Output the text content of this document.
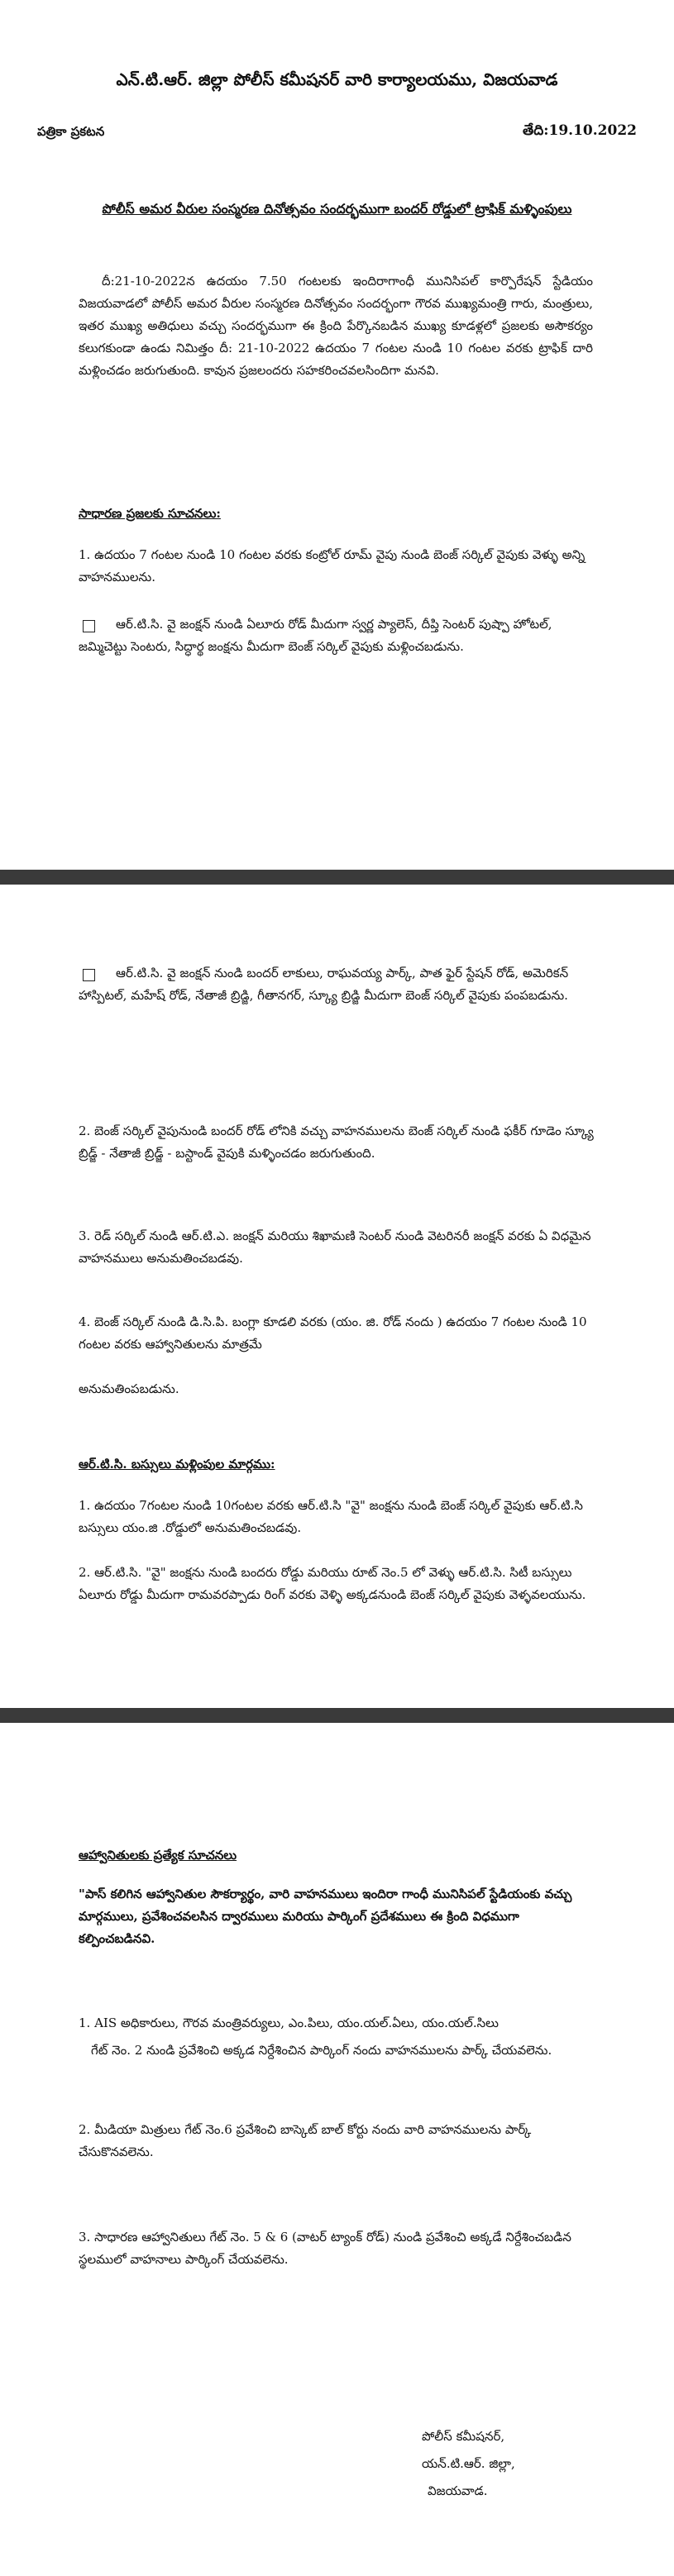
ఎన్.టి.ఆర్. జిల్లా పోలీస్ కమీషనర్ వారి కార్యాలయము, విజయవాడ
పత్రికా ప్రకటన	తేది:19.10.2022
పోలీస్ అమర వీరుల సంస్మరణ దినోత్సవం సందర్భముగా బందర్ రోడ్డులో ట్రాఫిక్ మళ్ళింపులు
దీ:21-10-2022న ఉదయం 7.50 గంటలకు ఇందిరాగాంధీ మునిసిపల్ కార్పొరేషన్ స్టేడియం విజయవాడలో పోలీస్ అమర వీరుల సంస్మరణ దినోత్సవం సందర్భంగా గౌరవ ముఖ్యమంత్రి గారు, మంత్రులు, ఇతర ముఖ్య అతిధులు వచ్చు సందర్భముగా ఈ క్రింది పేర్కొనబడిన ముఖ్య కూడళ్లలో ప్రజలకు అసౌకర్యం కలుగకుండా ఉండు నిమిత్తం దీ: 21-10-2022 ఉదయం 7 గంటల నుండి 10 గంటల వరకు ట్రాఫిక్ దారి మళ్లించడం జరుగుతుంది. కావున ప్రజలందరు సహకరించవలసిందిగా మనవి.
సాధారణ ప్రజలకు సూచనలు:
1. ఉదయం 7 గంటల నుండి 10 గంటల వరకు కంట్రోల్ రూమ్ వైపు నుండి బెంజ్ సర్కిల్ వైపుకు వెళ్ళు అన్ని వాహనములను.
ఆర్.టి.సి. వై జంక్షన్ నుండి ఏలూరు రోడ్ మీదుగా స్వర్ణ ప్యాలెస్, దీప్తి సెంటర్ పుష్పా హోటల్, జమ్మిచెట్టు సెంటరు, సిద్ధార్థ జంక్షను మీదుగా బెంజ్ సర్కిల్ వైపుకు మళ్లించబడును.
ఆర్.టి.సి. వై జంక్షన్ నుండి బందర్ లాకులు, రాఘవయ్య పార్క్, పాత ఫైర్ స్టేషన్ రోడ్, అమెరికన్ హాస్పిటల్, మహేష్ రోడ్, నేతాజీ బ్రిడ్జి, గీతానగర్, స్క్యూ బ్రిడ్జి మీదుగా బెంజ్ సర్కిల్ వైపుకు పంపబడును.
2. బెంజ్ సర్కిల్ వైపునుండి బందర్ రోడ్ లోనికి వచ్చు వాహనములను బెంజ్ సర్కిల్ నుండి ఫకీర్ గూడెం స్క్యూ బ్రిడ్జ్ - నేతాజీ బ్రిడ్జ్ - బస్టాండ్ వైపుకి మళ్ళించడం జరుగుతుంది.
3. రెడ్ సర్కిల్ నుండి ఆర్.టి.ఎ. జంక్షన్ మరియు శిఖామణి సెంటర్ నుండి వెటరినరీ జంక్షన్ వరకు ఏ విధమైన వాహనములు అనుమతించబడవు.
4. బెంజ్ సర్కిల్ నుండి డి.సి.పి. బంగ్లా కూడలి వరకు (యం. జి. రోడ్ నందు ) ఉదయం 7 గంటల నుండి 10 గంటల వరకు ఆహ్వానితులను మాత్రమే
అనుమతింపబడును.
ఆర్.టి.సి. బస్సులు మళ్లింపుల మార్గము:
1. ఉదయం 7గంటల నుండి 10గంటల వరకు ఆర్.టి.సి "వై" జంక్షను నుండి బెంజ్ సర్కిల్ వైపుకు ఆర్.టి.సి బస్సులు యం.జి .రోడ్డులో అనుమతించబడవు.
2. ఆర్.టి.సి. "వై" జంక్షను నుండి బందరు రోడ్డు మరియు రూట్ నెం.5 లో వెళ్ళు ఆర్.టి.సి. సిటీ బస్సులు ఏలూరు రోడ్డు మీదుగా రామవరప్పాడు రింగ్ వరకు వెళ్ళి అక్కడనుండి బెంజ్ సర్కిల్ వైపుకు వెళ్ళవలయును.
ఆహ్వానితులకు ప్రత్యేక సూచనలు
"పాస్ కలిగిన ఆహ్వానితుల సౌకర్యార్థం, వారి వాహనములు ఇందిరా గాంధీ మునిసిపల్ స్టేడియంకు వచ్చు మార్గములు, ప్రవేశించవలసిన ద్వారములు మరియు పార్కింగ్ ప్రదేశములు ఈ క్రింది విధముగా కల్పించబడినవి.
1. AIS అధికారులు, గౌరవ మంత్రివర్యులు, ఎం.పిలు, యం.యల్.ఏలు, యం.యల్.సిలు
గేట్ నెం. 2 నుండి ప్రవేశించి అక్కడ నిర్దేశించిన పార్కింగ్ నందు వాహనములను పార్క్ చేయవలెను.
2. మీడియా మిత్రులు గేట్ నెం.6 ప్రవేశించి బాస్కెట్ బాల్ కోర్టు నందు వారి వాహనములను పార్క్ చేసుకొనవలెను.
3. సాధారణ ఆహ్వానితులు గేట్ నెం. 5 & 6 (వాటర్ ట్యాంక్ రోడ్) నుండి ప్రవేశించి అక్కడే నిర్దేశించబడిన స్థలములో వాహనాలు పార్కింగ్ చేయవలెను.
పోలీస్ కమీషనర్,
యన్.టి.ఆర్. జిల్లా,
విజయవాడ.
